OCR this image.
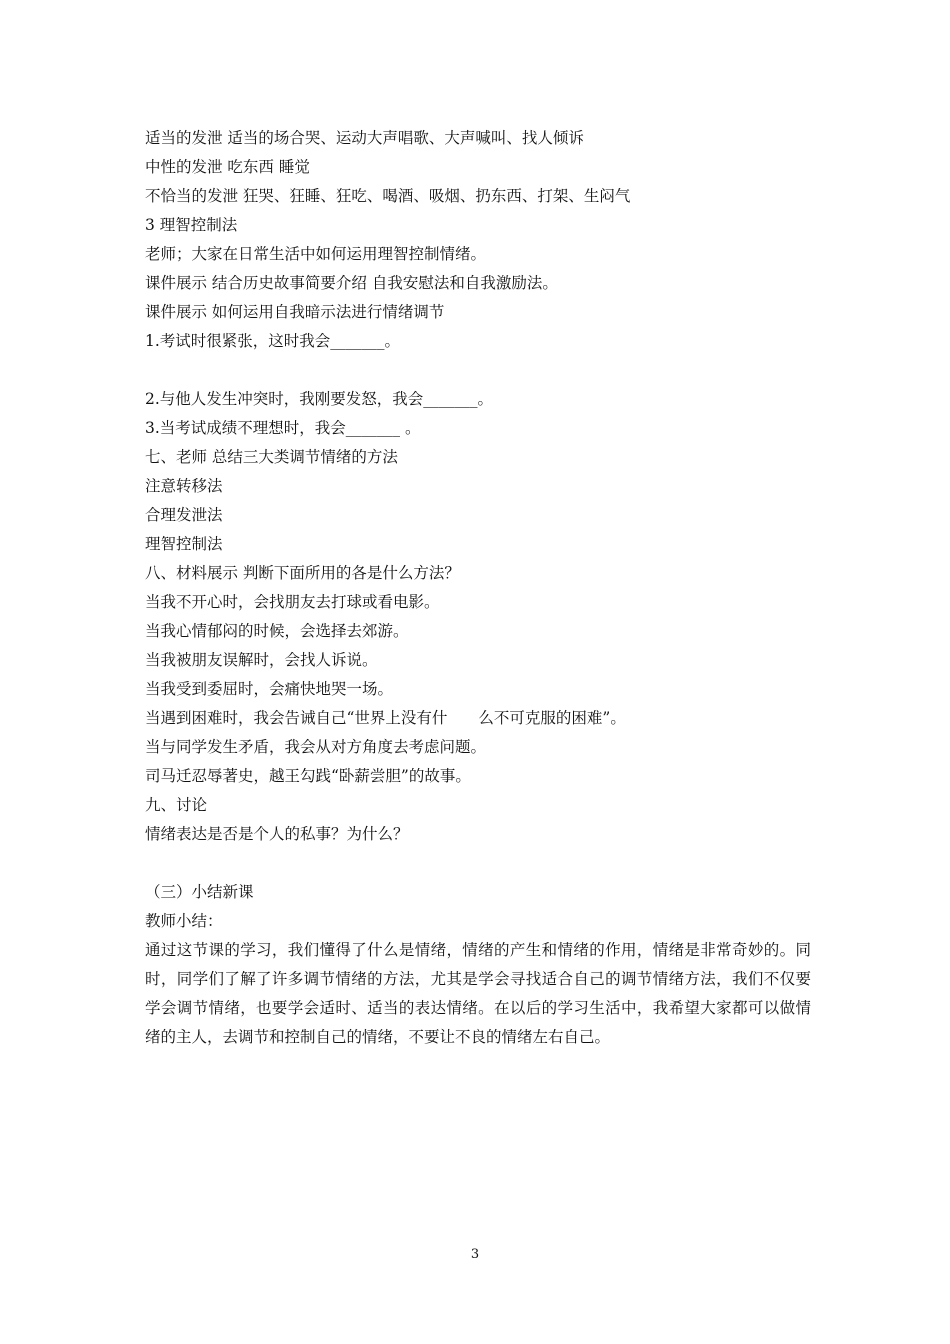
适当的发泄 适当的场合哭、运动大声唱歌、大声喊叫、找人倾诉
中性的发泄 吃东西 睡觉
不恰当的发泄 狂哭、狂睡、狂吃、喝酒、吸烟、扔东西、打架、生闷气
3 理智控制法
老师；大家在日常生活中如何运用理智控制情绪。
课件展示 结合历史故事简要介绍 自我安慰法和自我激励法。
课件展示 如何运用自我暗示法进行情绪调节
1.考试时很紧张，这时我会_______。
2.与他人发生冲突时，我刚要发怒，我会_______。
3.当考试成绩不理想时，我会_______ 。
七、老师 总结三大类调节情绪的方法
注意转移法
合理发泄法
理智控制法
八、材料展示 判断下面所用的各是什么方法？
当我不开心时，会找朋友去打球或看电影。
当我心情郁闷的时候，会选择去郊游。
当我被朋友误解时，会找人诉说。
当我受到委屈时，会痛快地哭一场。
当遇到困难时，我会告诫自己“世界上没有什　　么不可克服的困难”。
当与同学发生矛盾，我会从对方角度去考虑问题。
司马迁忍辱著史，越王勾践“卧薪尝胆”的故事。
九、讨论
情绪表达是否是个人的私事？为什么？
（三）小结新课
教师小结：
通过这节课的学习，我们懂得了什么是情绪，情绪的产生和情绪的作用，情绪是非常奇妙的。同时，同学们了解了许多调节情绪的方法，尤其是学会寻找适合自己的调节情绪方法，我们不仅要学会调节情绪，也要学会适时、适当的表达情绪。在以后的学习生活中，我希望大家都可以做情绪的主人，去调节和控制自己的情绪，不要让不良的情绪左右自己。
3
